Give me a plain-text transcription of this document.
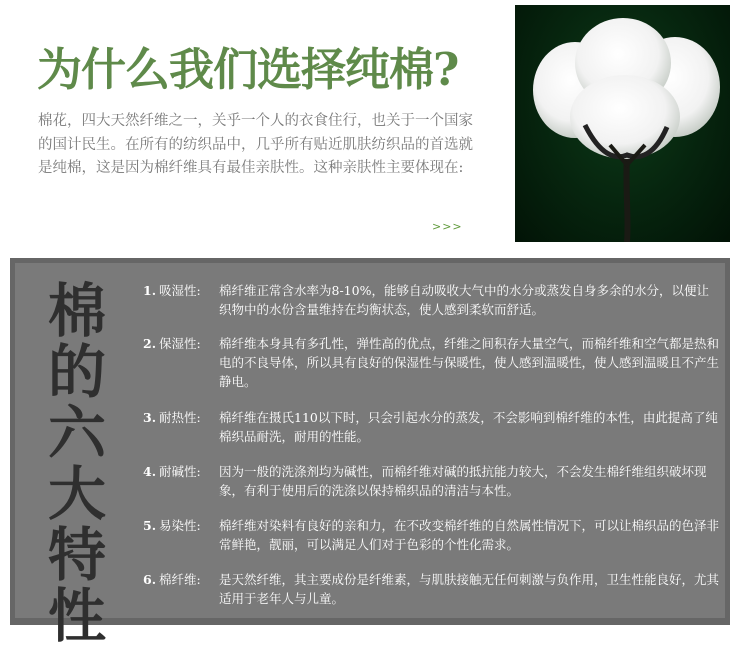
为什么我们选择纯棉?
棉花，四大天然纤维之一，关乎一个人的衣食住行，也关于一个国家的国计民生。在所有的纺织品中，几乎所有贴近肌肤纺织品的首选就是纯棉，这是因为棉纤维具有最佳亲肤性。这种亲肤性主要体现在:
>>>
棉
的
六
大
特
性
1. 吸湿性: 棉纤维正常含水率为8-10%，能够自动吸收大气中的水分或蒸发自身多余的水分，以便让织物中的水份含量维持在均衡状态，使人感到柔软而舒适。
2. 保湿性: 棉纤维本身具有多孔性，弹性高的优点，纤维之间积存大量空气，而棉纤维和空气都是热和电的不良导体，所以具有良好的保湿性与保暖性，使人感到温暖性，使人感到温暖且不产生静电。
3. 耐热性: 棉纤维在摄氏110以下时，只会引起水分的蒸发，不会影响到棉纤维的本性，由此提高了纯棉织品耐洗，耐用的性能。
4. 耐碱性: 因为一般的洗涤剂均为碱性，而棉纤维对碱的抵抗能力较大，不会发生棉纤维组织破坏现象，有利于使用后的洗涤以保持棉织品的清洁与本性。
5. 易染性: 棉纤维对染料有良好的亲和力，在不改变棉纤维的自然属性情况下，可以让棉织品的色泽非常鲜艳，靓丽，可以满足人们对于色彩的个性化需求。
6. 棉纤维: 是天然纤维，其主要成份是纤维素，与肌肤接触无任何刺激与负作用，卫生性能良好，尤其适用于老年人与儿童。
